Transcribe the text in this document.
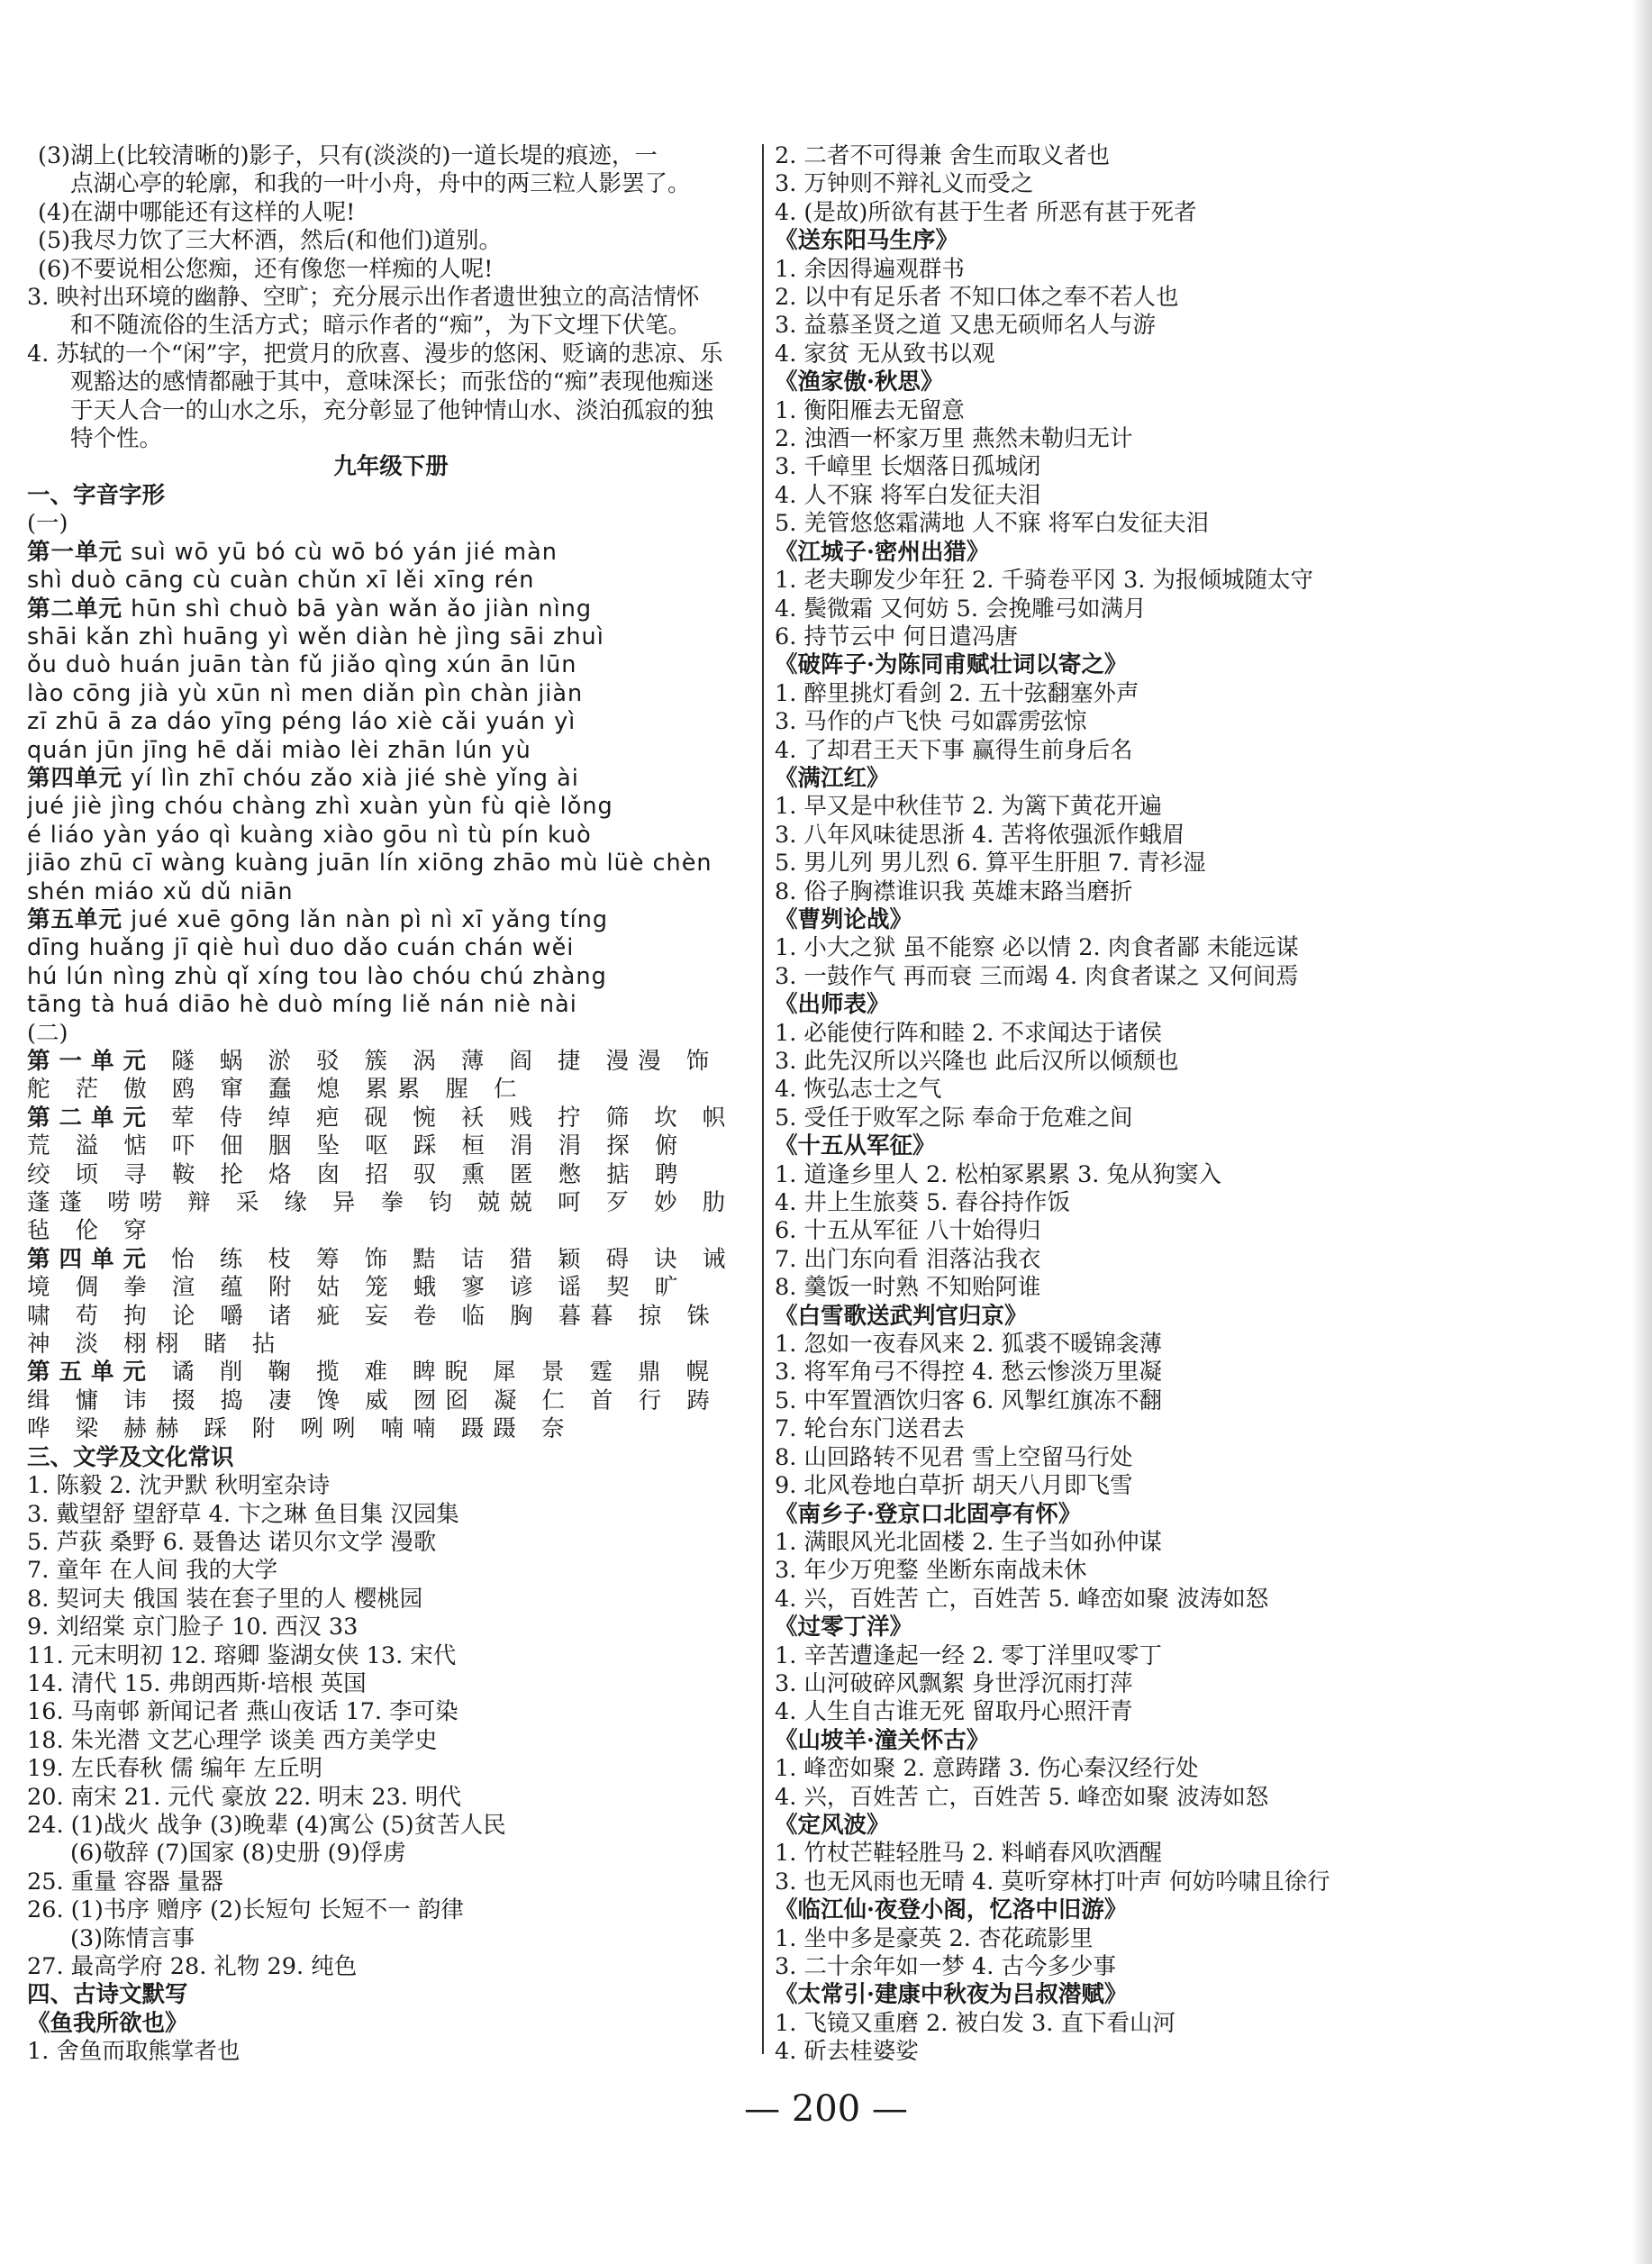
(3)湖上(比较清晰的)影子，只有(淡淡的)一道长堤的痕迹，一
点湖心亭的轮廓，和我的一叶小舟，舟中的两三粒人影罢了。
(4)在湖中哪能还有这样的人呢!
(5)我尽力饮了三大杯酒，然后(和他们)道别。
(6)不要说相公您痴，还有像您一样痴的人呢!
3. 映衬出环境的幽静、空旷；充分展示出作者遗世独立的高洁情怀
和不随流俗的生活方式；暗示作者的“痴”，为下文埋下伏笔。
4. 苏轼的一个“闲”字，把赏月的欣喜、漫步的悠闲、贬谪的悲凉、乐
观豁达的感情都融于其中，意味深长；而张岱的“痴”表现他痴迷
于天人合一的山水之乐，充分彰显了他钟情山水、淡泊孤寂的独
特个性。
九年级下册
一、字音字形
(一)
第一单元 suì wō yū bó cù wō bó yán jié màn
shì duò cāng cù cuàn chǔn xī lěi xīng rén
第二单元 hūn shì chuò bā yàn wǎn ǎo jiàn nìng
shāi kǎn zhì huāng yì wěn diàn hè jìng sāi zhuì
ǒu duò huán juān tàn fǔ jiǎo qìng xún ān lūn
lào cōng jià yù xūn nì men diǎn pìn chàn jiàn
zī zhū ā za dáo yīng péng láo xiè cǎi yuán yì
quán jūn jīng hē dǎi miào lèi zhān lún yù
第四单元 yí lìn zhī chóu zǎo xià jié shè yǐng ài
jué jiè jìng chóu chàng zhì xuàn yùn fù qiè lǒng
é liáo yàn yáo qì kuàng xiào gōu nì tù pín kuò
jiāo zhū cī wàng kuàng juān lín xiōng zhāo mù lüè chèn
shén miáo xǔ dǔ niān
第五单元 jué xuē gōng lǎn nàn pì nì xī yǎng tíng
dīng huǎng jī qiè huì duo dǎo cuán chán wěi
hú lún nìng zhù qǐ xíng tou lào chóu chú zhàng
tāng tà huá diāo hè duò míng liě nán niè nài
(二)
第一单元 隧 蜗 淤 驳 簇 涡 薄 阎 捷 漫漫 饰
舵 茫 傲 鸥 窜 蠢 熄 累累 腥 仁
第二单元 荤 侍 绰 疤 砚 惋 袄 贱 拧 筛 坎 帜
荒 溢 惦 吓 佃 胭 坠 呕 踩 桓 涓 涓 探 俯
绞 顷 寻 鞍 抡 烙 囱 招 驭 熏 匿 憋 掂 聘
蓬蓬 唠唠 辩 采 缘 异 拳 钧 兢兢 呵 歹 妙 肋
毡 伦 穿
第四单元 怡 练 枝 筹 饰 黠 诘 猎 颖 碍 诀 诫
境 倜 拳 渲 蕴 附 姑 笼 蛾 寥 谚 谣 契 旷
啸 苟 拘 论 嚼 诸 疵 妄 卷 临 胸 暮暮 掠 铢
神 淡 栩栩 睹 拈
第五单元 谲 削 鞠 揽 难 睥睨 犀 景 霆 鼎 幌
缉 慵 讳 掇 捣 凄 馋 威 囫囵 凝 仁 首 行 踌
哗 梁 赫赫 踩 附 咧咧 喃喃 蹑蹑 奈
三、文学及文化常识
1. 陈毅 2. 沈尹默 秋明室杂诗
3. 戴望舒 望舒草 4. 卞之琳 鱼目集 汉园集
5. 芦荻 桑野 6. 聂鲁达 诺贝尔文学 漫歌
7. 童年 在人间 我的大学
8. 契诃夫 俄国 装在套子里的人 樱桃园
9. 刘绍棠 京门脸子 10. 西汉 33
11. 元末明初 12. 瑢卿 鉴湖女侠 13. 宋代
14. 清代 15. 弗朗西斯·培根 英国
16. 马南邨 新闻记者 燕山夜话 17. 李可染
18. 朱光潜 文艺心理学 谈美 西方美学史
19. 左氏春秋 儒 编年 左丘明
20. 南宋 21. 元代 豪放 22. 明末 23. 明代
24. (1)战火 战争 (3)晚辈 (4)寓公 (5)贫苦人民
(6)敬辞 (7)国家 (8)史册 (9)俘虏
25. 重量 容器 量器
26. (1)书序 赠序 (2)长短句 长短不一 韵律
(3)陈情言事
27. 最高学府 28. 礼物 29. 纯色
四、古诗文默写
《鱼我所欲也》
1. 舍鱼而取熊掌者也
2. 二者不可得兼 舍生而取义者也
3. 万钟则不辩礼义而受之
4. (是故)所欲有甚于生者 所恶有甚于死者
《送东阳马生序》
1. 余因得遍观群书
2. 以中有足乐者 不知口体之奉不若人也
3. 益慕圣贤之道 又患无硕师名人与游
4. 家贫 无从致书以观
《渔家傲·秋思》
1. 衡阳雁去无留意
2. 浊酒一杯家万里 燕然未勒归无计
3. 千嶂里 长烟落日孤城闭
4. 人不寐 将军白发征夫泪
5. 羌管悠悠霜满地 人不寐 将军白发征夫泪
《江城子·密州出猎》
1. 老夫聊发少年狂 2. 千骑卷平冈 3. 为报倾城随太守
4. 鬓微霜 又何妨 5. 会挽雕弓如满月
6. 持节云中 何日遣冯唐
《破阵子·为陈同甫赋壮词以寄之》
1. 醉里挑灯看剑 2. 五十弦翻塞外声
3. 马作的卢飞快 弓如霹雳弦惊
4. 了却君王天下事 赢得生前身后名
《满江红》
1. 早又是中秋佳节 2. 为篱下黄花开遍
3. 八年风味徒思浙 4. 苦将侬强派作蛾眉
5. 男儿列 男儿烈 6. 算平生肝胆 7. 青衫湿
8. 俗子胸襟谁识我 英雄末路当磨折
《曹刿论战》
1. 小大之狱 虽不能察 必以情 2. 肉食者鄙 未能远谋
3. 一鼓作气 再而衰 三而竭 4. 肉食者谋之 又何间焉
《出师表》
1. 必能使行阵和睦 2. 不求闻达于诸侯
3. 此先汉所以兴隆也 此后汉所以倾颓也
4. 恢弘志士之气
5. 受任于败军之际 奉命于危难之间
《十五从军征》
1. 道逢乡里人 2. 松柏冢累累 3. 兔从狗窦入
4. 井上生旅葵 5. 舂谷持作饭
6. 十五从军征 八十始得归
7. 出门东向看 泪落沾我衣
8. 羹饭一时熟 不知贻阿谁
《白雪歌送武判官归京》
1. 忽如一夜春风来 2. 狐裘不暖锦衾薄
3. 将军角弓不得控 4. 愁云惨淡万里凝
5. 中军置酒饮归客 6. 风掣红旗冻不翻
7. 轮台东门送君去
8. 山回路转不见君 雪上空留马行处
9. 北风卷地白草折 胡天八月即飞雪
《南乡子·登京口北固亭有怀》
1. 满眼风光北固楼 2. 生子当如孙仲谋
3. 年少万兜鍪 坐断东南战未休
4. 兴，百姓苦 亡，百姓苦 5. 峰峦如聚 波涛如怒
《过零丁洋》
1. 辛苦遭逢起一经 2. 零丁洋里叹零丁
3. 山河破碎风飘絮 身世浮沉雨打萍
4. 人生自古谁无死 留取丹心照汗青
《山坡羊·潼关怀古》
1. 峰峦如聚 2. 意踌躇 3. 伤心秦汉经行处
4. 兴，百姓苦 亡，百姓苦 5. 峰峦如聚 波涛如怒
《定风波》
1. 竹杖芒鞋轻胜马 2. 料峭春风吹酒醒
3. 也无风雨也无晴 4. 莫听穿林打叶声 何妨吟啸且徐行
《临江仙·夜登小阁，忆洛中旧游》
1. 坐中多是豪英 2. 杏花疏影里
3. 二十余年如一梦 4. 古今多少事
《太常引·建康中秋夜为吕叔潜赋》
1. 飞镜又重磨 2. 被白发 3. 直下看山河
4. 斫去桂婆娑
— 200 —
